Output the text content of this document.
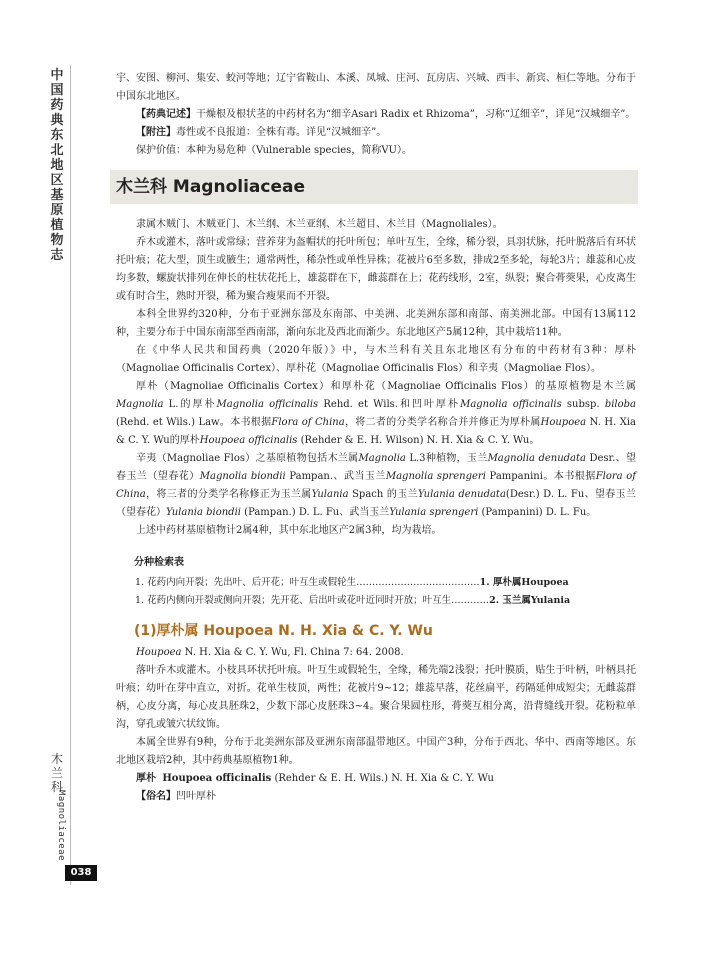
中国药典东北地区基原植物志
木兰科
Magnoliaceae
038

宇、安图、柳河、集安、蛟河等地；辽宁省鞍山、本溪、凤城、庄河、瓦房店、兴城、西丰、新宾、桓仁等地。分布于中国东北地区。

【药典记述】干燥根及根状茎的中药材名为“细辛Asari Radix et Rhizoma”，习称“辽细辛”，详见“汉城细辛”。

【附注】毒性或不良报道：全株有毒。详见“汉城细辛”。

保护价值：本种为易危种（Vulnerable species，简称VU）。

木兰科 Magnoliaceae

隶属木贼门、木贼亚门、木兰纲、木兰亚纲、木兰超目、木兰目（Magnoliales）。

乔木或灌木，落叶或常绿；营养芽为盔帽状的托叶所包；单叶互生，全缘，稀分裂，具羽状脉，托叶脱落后有环状托叶痕；花大型，顶生或腋生；通常两性，稀杂性或单性异株；花被片6至多数，排成2至多轮，每轮3片；雄蕊和心皮均多数，螺旋状排列在伸长的柱状花托上，雄蕊群在下，雌蕊群在上；花药线形，2室，纵裂；聚合蓇葖果，心皮离生或有时合生，熟时开裂，稀为聚合瘦果而不开裂。

本科全世界约320种，分布于亚洲东部及东南部、中美洲、北美洲东部和南部、南美洲北部。中国有13属112种，主要分布于中国东南部至西南部，渐向东北及西北而渐少。东北地区产5属12种，其中栽培11种。

在《中华人民共和国药典（2020年版）》中，与木兰科有关且东北地区有分布的中药材有3种：厚朴（Magnoliae Officinalis Cortex）、厚朴花（Magnoliae Officinalis Flos）和辛夷（Magnoliae Flos）。

厚朴（Magnoliae Officinalis Cortex）和厚朴花（Magnoliae Officinalis Flos）的基原植物是木兰属Magnolia L.的厚朴Magnolia officinalis Rehd. et Wils.和凹叶厚朴Magnolia officinalis subsp. biloba (Rehd. et Wils.) Law。本书根据Flora of China，将二者的分类学名称合并并修正为厚朴属Houpoea N. H. Xia & C. Y. Wu的厚朴Houpoea officinalis (Rehder & E. H. Wilson) N. H. Xia & C. Y. Wu。

辛夷（Magnoliae Flos）之基原植物包括木兰属Magnolia L.3种植物，玉兰Magnolia denudata Desr.、望春玉兰（望春花）Magnolia biondii Pampan.、武当玉兰Magnolia sprengeri Pampanini。本书根据Flora of China，将三者的分类学名称修正为玉兰属Yulania Spach 的玉兰Yulania denudata(Desr.) D. L. Fu、望春玉兰（望春花）Yulania biondii (Pampan.) D. L. Fu、武当玉兰Yulania sprengeri (Pampanini) D. L. Fu。

上述中药材基原植物计2属4种，其中东北地区产2属3种，均为栽培。

分种检索表

1. 花药内向开裂；先出叶、后开花；叶互生或假轮生…………………………………1. 厚朴属Houpoea

1. 花药内侧向开裂或侧向开裂；先开花、后出叶或花叶近同时开放；叶互生…………2. 玉兰属Yulania

(1)厚朴属 Houpoea N. H. Xia & C. Y. Wu

Houpoea N. H. Xia & C. Y. Wu, Fl. China 7: 64. 2008.

落叶乔木或灌木。小枝具环状托叶痕。叶互生或假轮生，全缘，稀先端2浅裂；托叶膜质，贴生于叶柄，叶柄具托叶痕；幼叶在芽中直立，对折。花单生枝顶，两性；花被片9~12；雄蕊早落，花丝扁平，药隔延伸成短尖；无雌蕊群柄，心皮分离，每心皮具胚珠2，少数下部心皮胚珠3~4。聚合果圆柱形，蓇葖互相分离，沿背缝线开裂。花粉粒单沟，穿孔或皱穴状纹饰。

本属全世界有9种，分布于北美洲东部及亚洲东南部温带地区。中国产3种，分布于西北、华中、西南等地区。东北地区栽培2种，其中药典基原植物1种。

厚朴 Houpoea officinalis (Rehder & E. H. Wils.) N. H. Xia & C. Y. Wu

【俗名】凹叶厚朴
